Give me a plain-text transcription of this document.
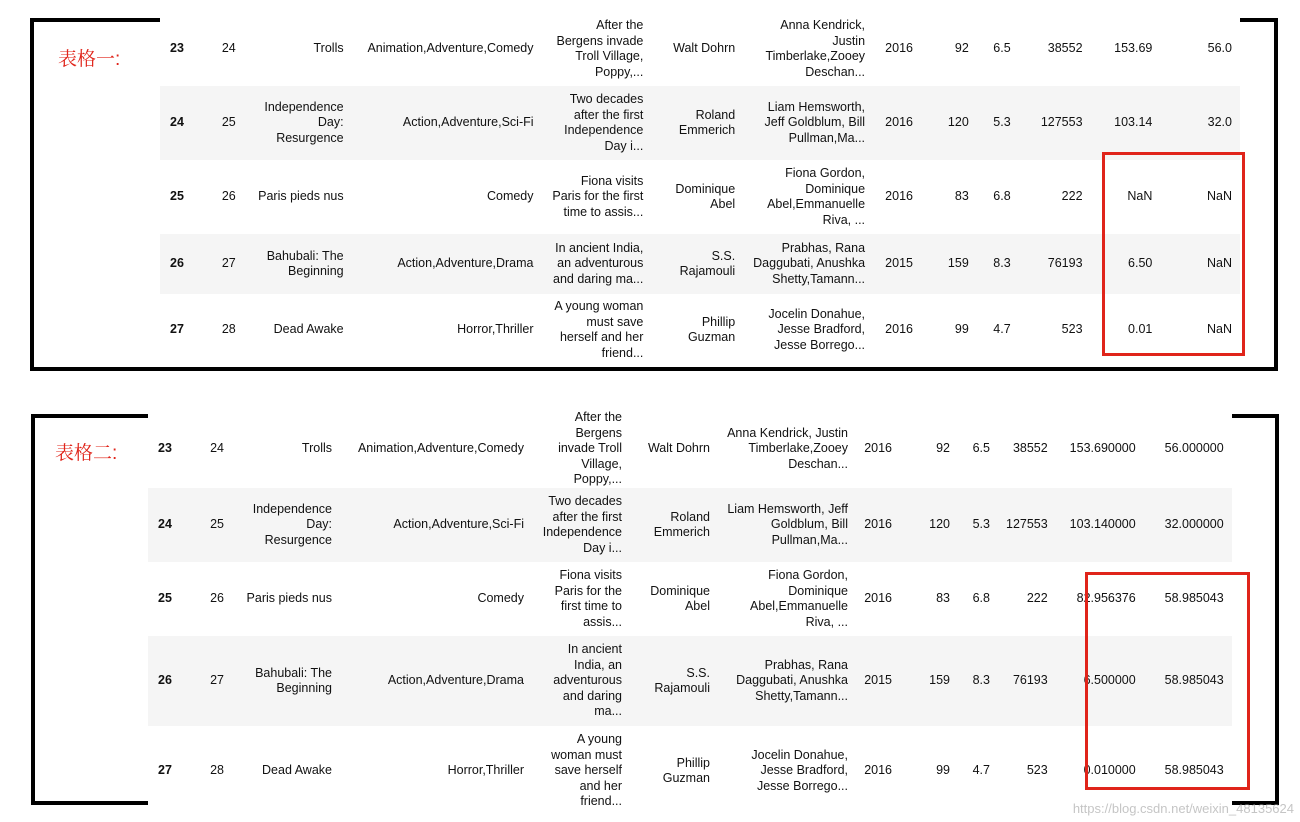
表格一:
23	24	Trolls	Animation,Adventure,Comedy	After the Bergens invade Troll Village, Poppy,...	Walt Dohrn	Anna Kendrick, Justin Timberlake,Zooey Deschan...	2016	92	6.5	38552	153.69	56.0
24	25	Independence Day: Resurgence	Action,Adventure,Sci-Fi	Two decades after the first Independence Day i...	Roland Emmerich	Liam Hemsworth, Jeff Goldblum, Bill Pullman,Ma...	2016	120	5.3	127553	103.14	32.0
25	26	Paris pieds nus	Comedy	Fiona visits Paris for the first time to assis...	Dominique Abel	Fiona Gordon, Dominique Abel,Emmanuelle Riva, ...	2016	83	6.8	222	NaN	NaN
26	27	Bahubali: The Beginning	Action,Adventure,Drama	In ancient India, an adventurous and daring ma...	S.S. Rajamouli	Prabhas, Rana Daggubati, Anushka Shetty,Tamann...	2015	159	8.3	76193	6.50	NaN
27	28	Dead Awake	Horror,Thriller	A young woman must save herself and her friend...	Phillip Guzman	Jocelin Donahue, Jesse Bradford, Jesse Borrego...	2016	99	4.7	523	0.01	NaN
表格二:	23	24	Trolls	Animation,Adventure,Comedy	After the Bergens invade Troll Village, Poppy,...	Walt Dohrn	Anna Kendrick, Justin Timberlake,Zooey Deschan...	2016	92	6.5	38552	153.690000	56.000000
24	25	Independence Day: Resurgence	Action,Adventure,Sci-Fi	Two decades after the first Independence Day i...	Roland Emmerich	Liam Hemsworth, Jeff Goldblum, Bill Pullman,Ma...	2016	120	5.3	127553	103.140000	32.000000
25	26	Paris pieds nus	Comedy	Fiona visits Paris for the first time to assis...	Dominique Abel	Fiona Gordon, Dominique Abel,Emmanuelle Riva, ...	2016	83	6.8	222	82.956376	58.985043
26	27	Bahubali: The Beginning	Action,Adventure,Drama	In ancient India, an adventurous and daring ma...	S.S. Rajamouli	Prabhas, Rana Daggubati, Anushka Shetty,Tamann...	2015	159	8.3	76193	6.500000	58.985043
27	28	Dead Awake	Horror,Thriller	A young woman must save herself and her friend...	Phillip Guzman	Jocelin Donahue, Jesse Bradford, Jesse Borrego...	2016	99	4.7	523	0.010000	58.985043
https://blog.csdn.net/weixin_48135624
